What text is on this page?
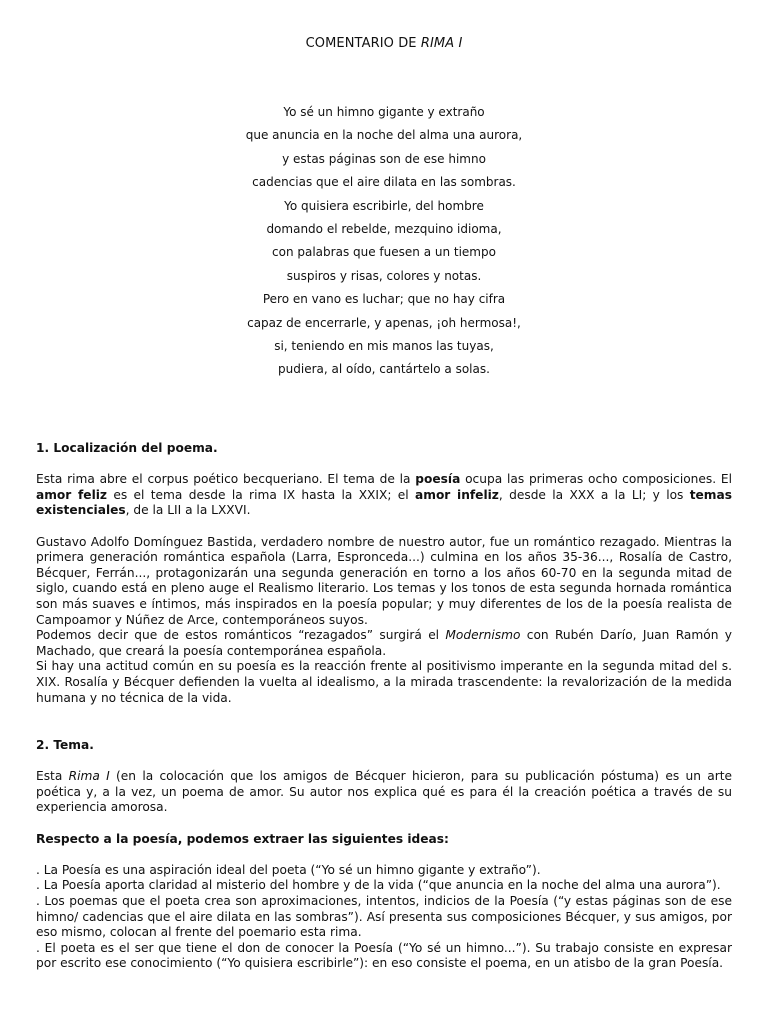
COMENTARIO DE RIMA I
Yo sé un himno gigante y extraño
que anuncia en la noche del alma una aurora,
y estas páginas son de ese himno
cadencias que el aire dilata en las sombras.
Yo quisiera escribirle, del hombre
domando el rebelde, mezquino idioma,
con palabras que fuesen a un tiempo
suspiros y risas, colores y notas.
Pero en vano es luchar; que no hay cifra
capaz de encerrarle, y apenas, ¡oh hermosa!,
si, teniendo en mis manos las tuyas,
pudiera, al oído, cantártelo a solas.

1. Localización del poema.

Esta rima abre el corpus poético becqueriano. El tema de la poesía ocupa las primeras ocho composiciones. El amor feliz es el tema desde la rima IX hasta la XXIX; el amor infeliz, desde la XXX a la LI; y los temas existenciales, de la LII a la LXXVI.

Gustavo Adolfo Domínguez Bastida, verdadero nombre de nuestro autor, fue un romántico rezagado. Mientras la primera generación romántica española (Larra, Espronceda...) culmina en los años 35-36..., Rosalía de Castro, Bécquer, Ferrán..., protagonizarán una segunda generación en torno a los años 60-70 en la segunda mitad de siglo, cuando está en pleno auge el Realismo literario. Los temas y los tonos de esta segunda hornada romántica son más suaves e íntimos, más inspirados en la poesía popular; y muy diferentes de los de la poesía realista de Campoamor y Núñez de Arce, contemporáneos suyos.

Podemos decir que de estos románticos “rezagados” surgirá el Modernismo con Rubén Darío, Juan Ramón y Machado, que creará la poesía contemporánea española.

Si hay una actitud común en su poesía es la reacción frente al positivismo imperante en la segunda mitad del s. XIX. Rosalía y Bécquer defienden la vuelta al idealismo, a la mirada trascendente: la revalorización de la medida humana y no técnica de la vida.

2. Tema.

Esta Rima I (en la colocación que los amigos de Bécquer hicieron, para su publicación póstuma) es un arte poética y, a la vez, un poema de amor. Su autor nos explica qué es para él la creación poética a través de su experiencia amorosa.

Respecto a la poesía, podemos extraer las siguientes ideas:

. La Poesía es una aspiración ideal del poeta (“Yo sé un himno gigante y extraño”).

. La Poesía aporta claridad al misterio del hombre y de la vida (“que anuncia en la noche del alma una aurora”).

. Los poemas que el poeta crea son aproximaciones, intentos, indicios de la Poesía (“y estas páginas son de ese himno/ cadencias que el aire dilata en las sombras”). Así presenta sus composiciones Bécquer, y sus amigos, por eso mismo, colocan al frente del poemario esta rima.

. El poeta es el ser que tiene el don de conocer la Poesía (“Yo sé un himno...”). Su trabajo consiste en expresar por escrito ese conocimiento (“Yo quisiera escribirle”): en eso consiste el poema, en un atisbo de la gran Poesía.
